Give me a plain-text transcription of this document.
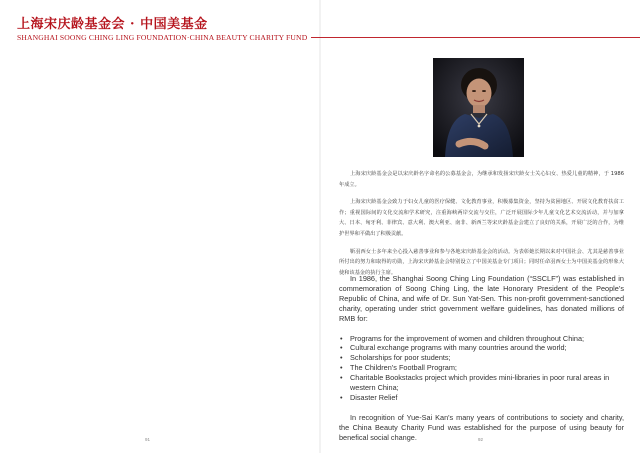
上海宋庆龄基金会 · 中国美基金
SHANGHAI SOONG CHING LING FOUNDATION·CHINA BEAUTY CHARITY FUND

上海宋庆龄基金会是以宋庆龄名字命名的公募基金会，为继承和发扬宋庆龄女士关心妇女、热爱儿童的精神，于 1986 年成立。

上海宋庆龄基金会致力于妇女儿童的医疗保健、文化教育事业，积极募集资金，坚持为贫困地区、开展文化教育扶贫工作；重视国际间的文化交流和学术研究，注重海峡两岸交流与交往，广泛开展国际少年儿童文化艺术交流活动，并与加拿大、日本、匈牙利、菲律宾、意大利、澳大利亚、南非、新西兰等宋庆龄基金会建立了良好的关系，开展广泛的合作，为维护世界和平做出了积极贡献。

靳羽西女士多年来全心投入慈善事业和参与各地宋庆龄基金会的活动。为表彰她长期以来对中国社会、尤其是慈善事业所付出的努力和取得的功勋，上海宋庆龄基金会特别设立了中国美基金专门项目；同时任命羽西女士为中国美基金的形象大使和该基金的执行主席。

In 1986, the Shanghai Soong Ching Ling Foundation (“SSCLF”) was established in commemoration of Soong Ching Ling, the late Honorary President of the People’s Republic of China, and wife of Dr. Sun Yat-Sen. This non-profit government-sanctioned charity, operating under strict government welfare guidelines, has donated millions of RMB for:

• Programs for the improvement of women and children throughout China;
• Cultural exchange programs with many countries around the world;
• Scholarships for poor students;
• The Children’s Football Program;
• Charitable Bookstacks project which provides mini-libraries in poor rural areas in western China;
• Disaster Relief

In recognition of Yue-Sai Kan's many years of contributions to society and charity, the China Beauty Charity Fund was established for the purpose of using beauty for benefical social change.

91	92
